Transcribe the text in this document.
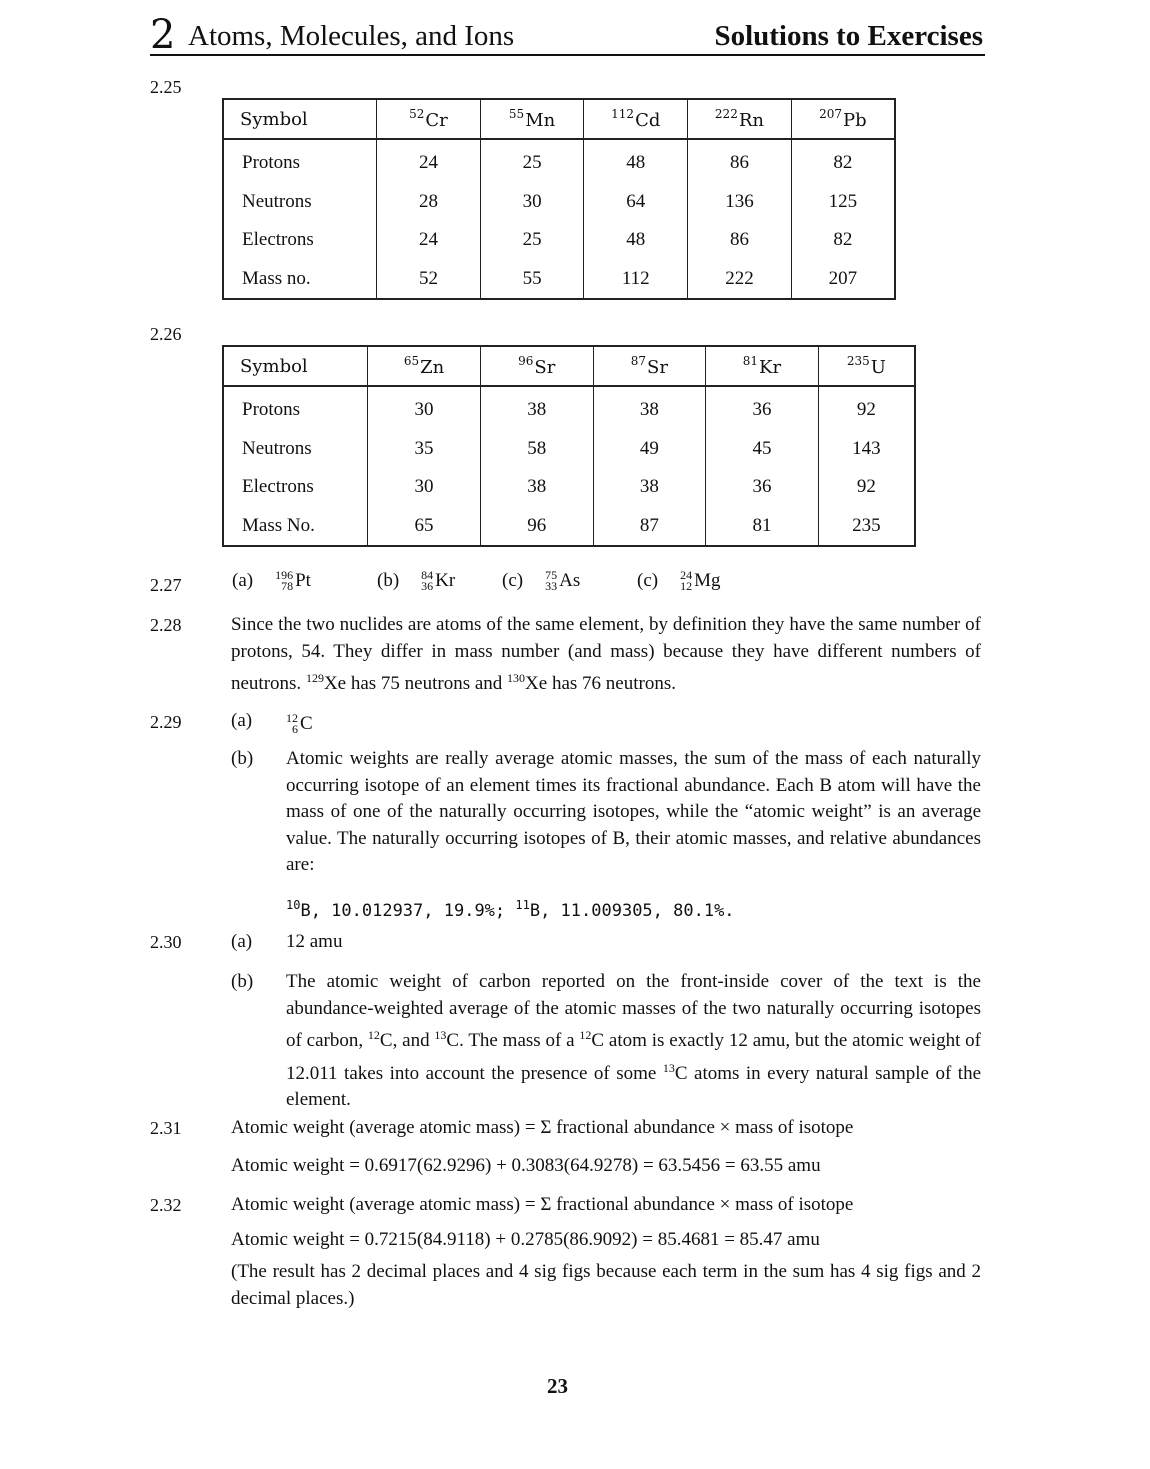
2 Atoms, Molecules, and Ions	Solutions to Exercises
2.25
Symbol	$^{52}$Cr	$^{55}$Mn	$^{112}$Cd	$^{222}$Rn	$^{207}$Pb
Protons	24	25	48	86	82
Neutrons	28	30	64	136	125
Electrons	24	25	48	86	82
Mass no.	52	55	112	222	207
2.26
Symbol	$^{65}$Zn	$^{96}$Sr	$^{87}$Sr	$^{81}$Kr	$^{235}$U
Protons	30	38	38	36	92
Neutrons	35	58	49	45	143
Electrons	30	38	38	36	92
Mass No.	65	96	87	81	235
2.27	(a) 196
78 Pt	(b) 84
36 Kr (c) 75
33 As	(c) 24
12 Mg
2.28	Since the two nuclides are atoms of the same element, by definition they have the same number of protons, 54. They differ in mass number (and mass) because they have different numbers of neutrons. $^{129}$Xe has 75 neutrons and $^{130}$Xe has 76 neutrons.
2.29	(a)	12
6 C
(b) Atomic weights are really average atomic masses, the sum of the mass of each naturally occurring isotope of an element times its fractional abundance. Each B atom will have the mass of one of the naturally occurring isotopes, while the “atomic weight” is an average value. The naturally occurring isotopes of B, their atomic masses, and relative abundances are:
$^{10}$B, 10.012937, 19.9%; $^{11}$B, 11.009305, 80.1%.
2.30	(a) 12 amu
(b) The atomic weight of carbon reported on the front-inside cover of the text is the abundance-weighted average of the atomic masses of the two naturally occurring isotopes of carbon, $^{12}$C, and $^{13}$C. The mass of a $^{12}$C atom is exactly 12 amu, but the atomic weight of 12.011 takes into account the presence of some $^{13}$C atoms in every natural sample of the element.
2.31	Atomic weight (average atomic mass) = Σ fractional abundance × mass of isotope
Atomic weight = 0.6917(62.9296) + 0.3083(64.9278) = 63.5456 = 63.55 amu
2.32	Atomic weight (average atomic mass) = Σ fractional abundance × mass of isotope
Atomic weight = 0.7215(84.9118) + 0.2785(86.9092) = 85.4681 = 85.47 amu
(The result has 2 decimal places and 4 sig figs because each term in the sum has 4 sig figs and 2 decimal places.)
23
